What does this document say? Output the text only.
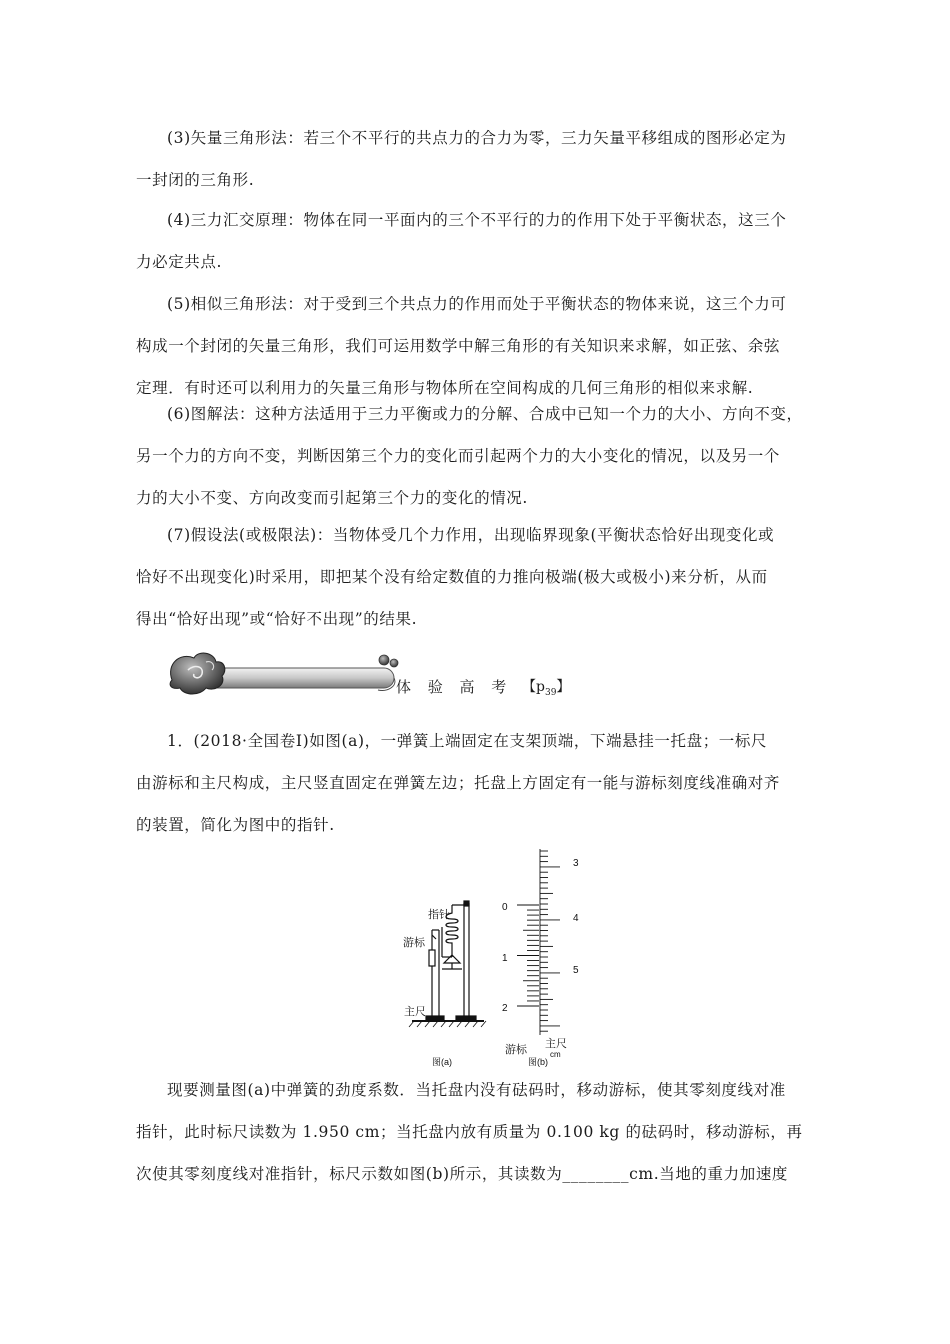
(3)矢量三角形法：若三个不平行的共点力的合力为零，三力矢量平移组成的图形必定为
一封闭的三角形.
(4)三力汇交原理：物体在同一平面内的三个不平行的力的作用下处于平衡状态，这三个
力必定共点.
(5)相似三角形法：对于受到三个共点力的作用而处于平衡状态的物体来说，这三个力可
构成一个封闭的矢量三角形，我们可运用数学中解三角形的有关知识来求解，如正弦、余弦
定理．有时还可以利用力的矢量三角形与物体所在空间构成的几何三角形的相似来求解.
(6)图解法：这种方法适用于三力平衡或力的分解、合成中已知一个力的大小、方向不变，
另一个力的方向不变，判断因第三个力的变化而引起两个力的大小变化的情况，以及另一个
力的大小不变、方向改变而引起第三个力的变化的情况.
(7)假设法(或极限法)：当物体受几个力作用，出现临界现象(平衡状态恰好出现变化或
恰好不出现变化)时采用，即把某个没有给定数值的力推向极端(极大或极小)来分析，从而
得出“恰好出现”或“恰好不出现”的结果.
体 验 高 考 【$p_{39}$】
1．(2018·全国卷Ⅰ)如图(a)，一弹簧上端固定在支架顶端，下端悬挂一托盘；一标尺
由游标和主尺构成，主尺竖直固定在弹簧左边；托盘上方固定有一能与游标刻度线准确对齐
的装置，简化为图中的指针.
指针
游标
主尺
图(a)
3
4
5
0
1
2
游标 主尺
cm
图(b)
现要测量图(a)中弹簧的劲度系数．当托盘内没有砝码时，移动游标，使其零刻度线对准
指针，此时标尺读数为 1.950 cm；当托盘内放有质量为 0.100 kg 的砝码时，移动游标，再
次使其零刻度线对准指针，标尺示数如图(b)所示，其读数为________cm.当地的重力加速度
